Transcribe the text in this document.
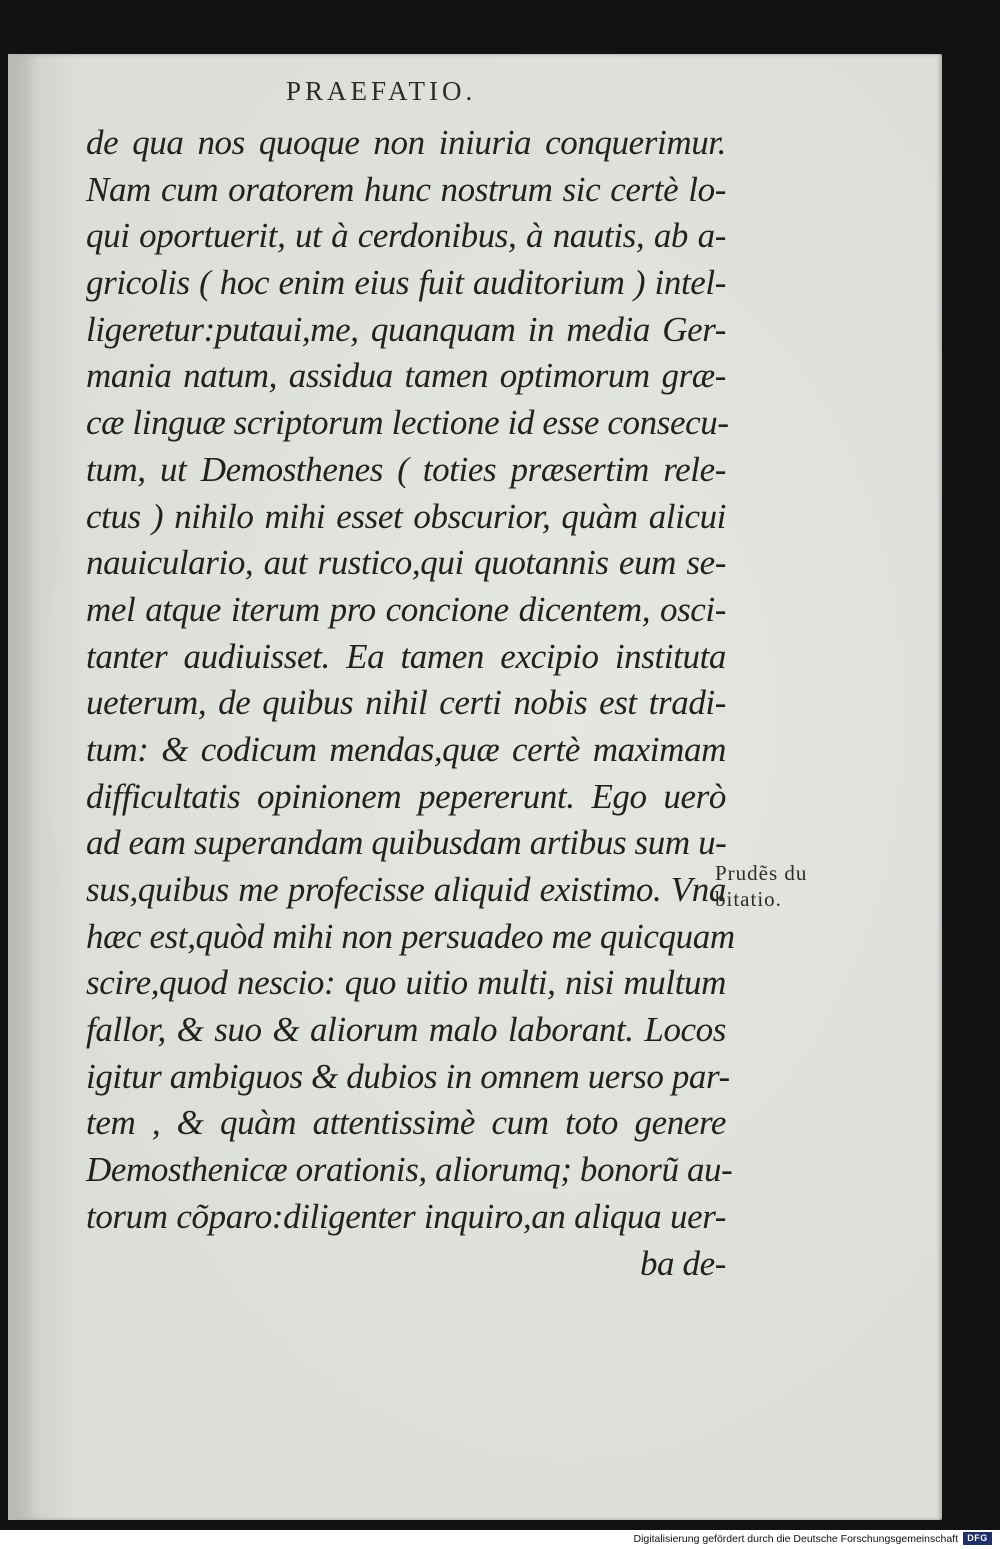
PRAEFATIO.
de qua nos quoque non iniuria conquerimur.
Nam cum oratorem hunc nostrum sic certè lo-
qui oportuerit, ut à cerdonibus, à nautis, ab a-
gricolis ( hoc enim eius fuit auditorium ) intel-
ligeretur:putaui,me, quanquam in media Ger-
mania natum, assidua tamen optimorum græ-
cæ linguæ scriptorum lectione id esse consecu-
tum, ut Demosthenes ( toties præsertim rele-
ctus ) nihilo mihi esset obscurior, quàm alicui
nauiculario, aut rustico,qui quotannis eum se-
mel atque iterum pro concione dicentem, osci-
tanter audiuisset. Ea tamen excipio instituta
ueterum, de quibus nihil certi nobis est tradi-
tum: & codicum mendas,quæ certè maximam
difficultatis opinionem pepererunt. Ego uerò
ad eam superandam quibusdam artibus sum u-
sus,quibus me profecisse aliquid existimo. Vna
hæc est,quòd mihi non persuadeo me quicquam
scire,quod nescio: quo uitio multi, nisi multum
fallor, & suo & aliorum malo laborant. Locos
igitur ambiguos & dubios in omnem uerso par-
tem , & quàm attentissimè cum toto genere
Demosthenicæ orationis, aliorumq; bonorũ au-
torum cõparo:diligenter inquiro,an aliqua uer-
ba de-
Prudẽs du
bitatio.
Digitalisierung gefördert durch die Deutsche Forschungsgemeinschaft	DFG
